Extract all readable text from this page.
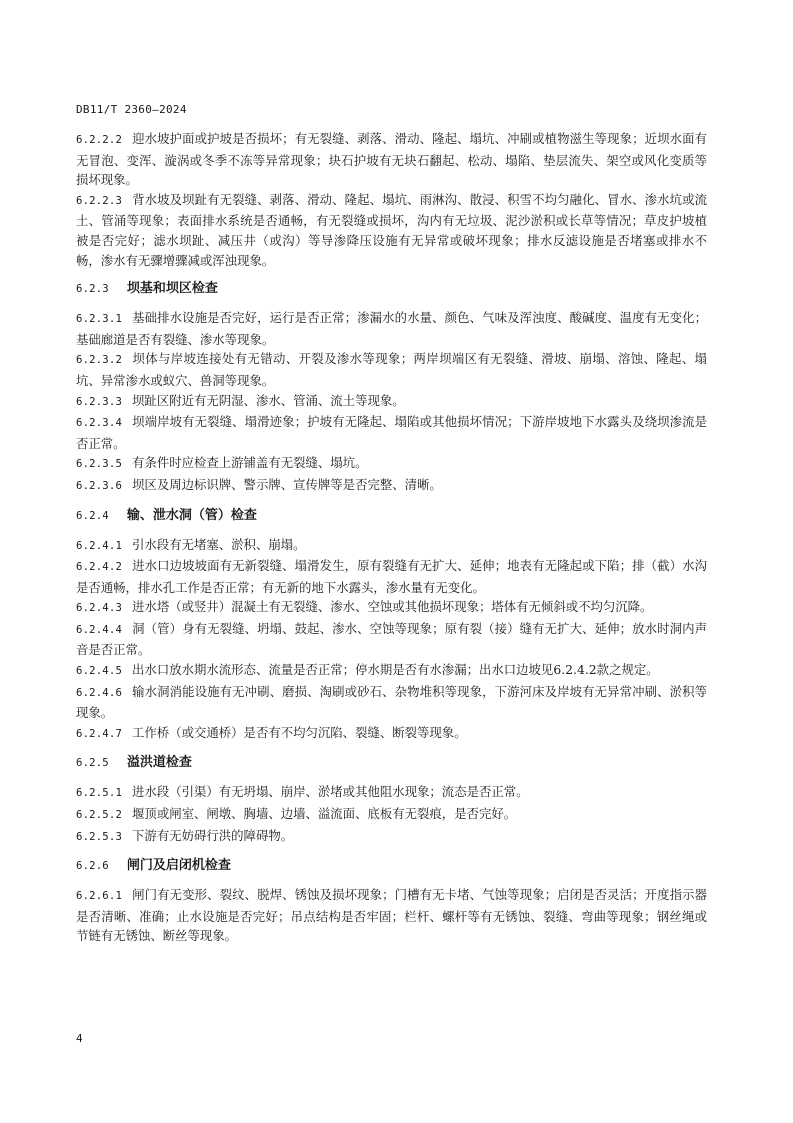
DB11/T 2360—2024

6.2.2.2 迎水坡护面或护坡是否损坏；有无裂缝、剥落、滑动、隆起、塌坑、冲刷或植物滋生等现象；近坝水面有无冒泡、变浑、漩涡或冬季不冻等异常现象；块石护坡有无块石翻起、松动、塌陷、垫层流失、架空或风化变质等损坏现象。

6.2.2.3 背水坡及坝趾有无裂缝、剥落、滑动、隆起、塌坑、雨淋沟、散浸、积雪不均匀融化、冒水、渗水坑或流土、管涌等现象；表面排水系统是否通畅，有无裂缝或损坏，沟内有无垃圾、泥沙淤积或长草等情况；草皮护坡植被是否完好；滤水坝趾、减压井（或沟）等导渗降压设施有无异常或破坏现象；排水反滤设施是否堵塞或排水不畅，渗水有无骤增骤减或浑浊现象。

6.2.3 坝基和坝区检查

6.2.3.1 基础排水设施是否完好，运行是否正常；渗漏水的水量、颜色、气味及浑浊度、酸碱度、温度有无变化；基础廊道是否有裂缝、渗水等现象。

6.2.3.2 坝体与岸坡连接处有无错动、开裂及渗水等现象；两岸坝端区有无裂缝、滑坡、崩塌、溶蚀、隆起、塌坑、异常渗水或蚁穴、兽洞等现象。

6.2.3.3 坝趾区附近有无阴湿、渗水、管涌、流土等现象。

6.2.3.4 坝端岸坡有无裂缝、塌滑迹象；护坡有无隆起、塌陷或其他损坏情况；下游岸坡地下水露头及绕坝渗流是否正常。

6.2.3.5 有条件时应检查上游铺盖有无裂缝、塌坑。

6.2.3.6 坝区及周边标识牌、警示牌、宣传牌等是否完整、清晰。

6.2.4 输、泄水洞（管）检查

6.2.4.1 引水段有无堵塞、淤积、崩塌。

6.2.4.2 进水口边坡坡面有无新裂缝、塌滑发生，原有裂缝有无扩大、延伸；地表有无隆起或下陷；排（截）水沟是否通畅，排水孔工作是否正常；有无新的地下水露头，渗水量有无变化。

6.2.4.3 进水塔（或竖井）混凝土有无裂缝、渗水、空蚀或其他损坏现象；塔体有无倾斜或不均匀沉降。

6.2.4.4 洞（管）身有无裂缝、坍塌、鼓起、渗水、空蚀等现象；原有裂（接）缝有无扩大、延伸；放水时洞内声音是否正常。

6.2.4.5 出水口放水期水流形态、流量是否正常；停水期是否有水渗漏；出水口边坡见6.2.4.2款之规定。

6.2.4.6 输水洞消能设施有无冲刷、磨损、淘刷或砂石、杂物堆积等现象，下游河床及岸坡有无异常冲刷、淤积等现象。

6.2.4.7 工作桥（或交通桥）是否有不均匀沉陷、裂缝、断裂等现象。

6.2.5 溢洪道检查

6.2.5.1 进水段（引渠）有无坍塌、崩岸、淤堵或其他阻水现象；流态是否正常。

6.2.5.2 堰顶或闸室、闸墩、胸墙、边墙、溢流面、底板有无裂痕，是否完好。

6.2.5.3 下游有无妨碍行洪的障碍物。

6.2.6 闸门及启闭机检查

6.2.6.1 闸门有无变形、裂纹、脱焊、锈蚀及损坏现象；门槽有无卡堵、气蚀等现象；启闭是否灵活；开度指示器是否清晰、准确；止水设施是否完好；吊点结构是否牢固；栏杆、螺杆等有无锈蚀、裂缝、弯曲等现象；钢丝绳或节链有无锈蚀、断丝等现象。

4
